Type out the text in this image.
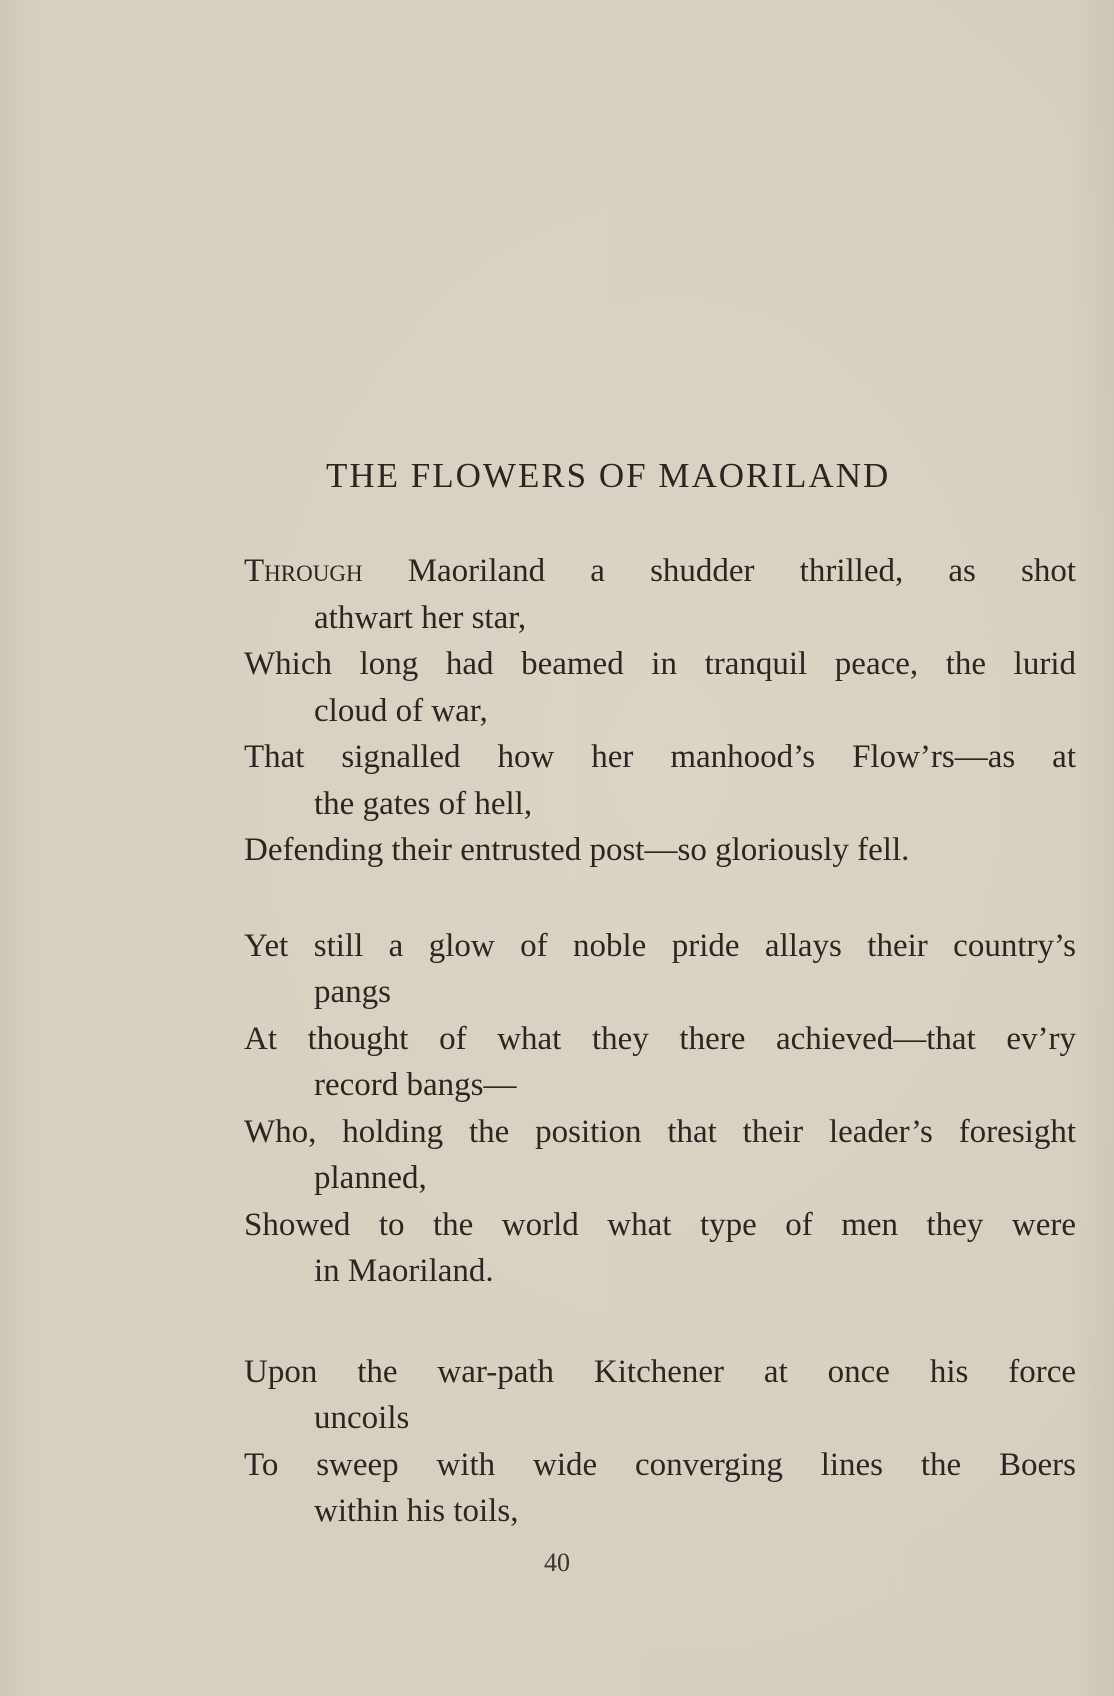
THE FLOWERS OF MAORILAND
Through Maoriland a shudder thrilled, as shot
athwart her star,
Which long had beamed in tranquil peace, the lurid
cloud of war,
That signalled how her manhood’s Flow’rs—as at
the gates of hell,
Defending their entrusted post—so gloriously fell.
Yet still a glow of noble pride allays their country’s
pangs
At thought of what they there achieved—that ev’ry
record bangs—
Who, holding the position that their leader’s foresight
planned,
Showed to the world what type of men they were
in Maoriland.
Upon the war-path Kitchener at once his force
uncoils
To sweep with wide converging lines the Boers
within his toils,
40
